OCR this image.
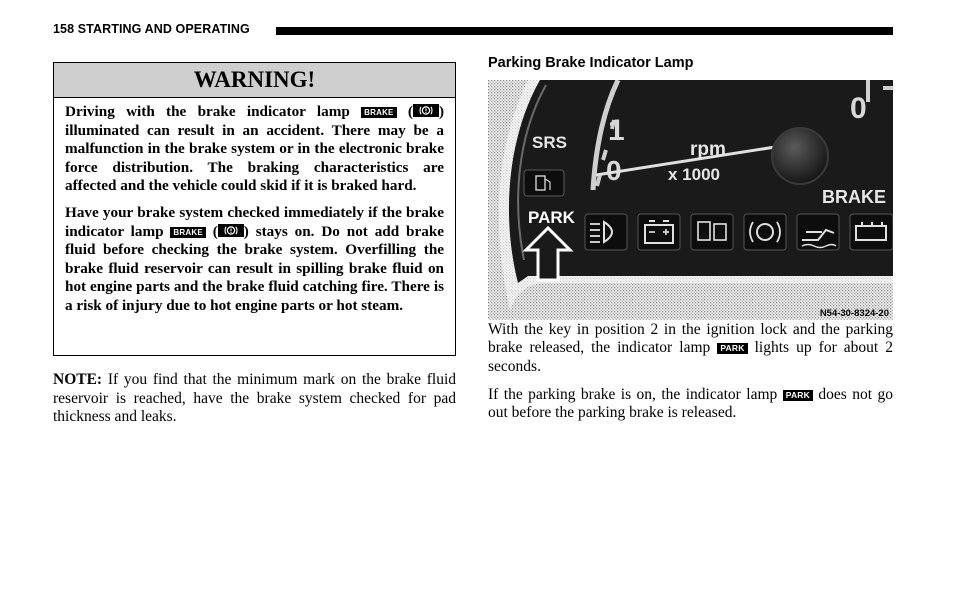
158 STARTING AND OPERATING
WARNING!

Driving with the brake indicator lamp BRAKE ( ) illuminated can result in an accident. There may be a malfunction in the brake system or in the electronic brake force distribution. The braking characteristics are affected and the vehicle could skid if it is braked hard.

Have your brake system checked immediately if the brake indicator lamp BRAKE ( ) stays on. Do not add brake fluid before checking the brake system. Overfilling the brake fluid reservoir can result in spilling brake fluid on hot engine parts and the brake fluid catching fire. There is a risk of injury due to hot engine parts or hot steam.

NOTE: If you find that the minimum mark on the brake fluid reservoir is reached, have the brake system checked for pad thickness and leaks.
Parking Brake Indicator Lamp
1
0
0
rpm
x 1000
SRS
BRAKE
PARK
N54-30-8324-20
With the key in position 2 in the ignition lock and the parking brake released, the indicator lamp PARK lights up for about 2 seconds.
If the parking brake is on, the indicator lamp PARK does not go out before the parking brake is released.
